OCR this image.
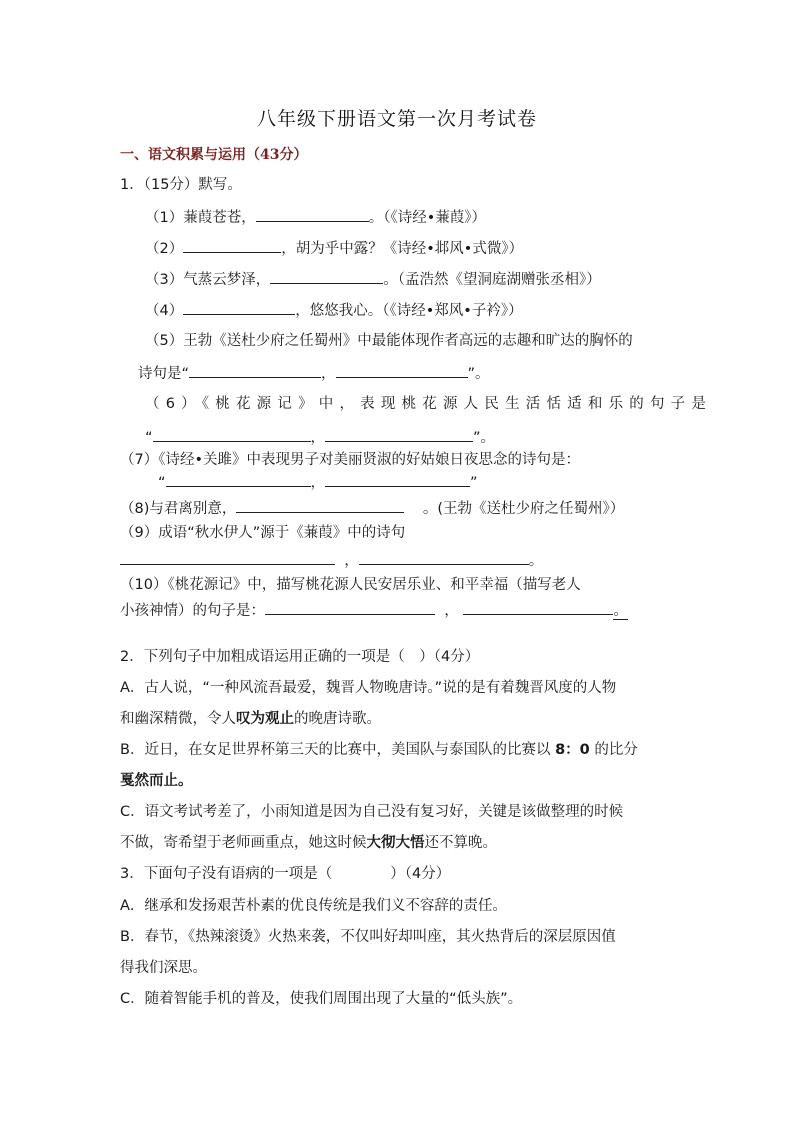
八年级下册语文第一次月考试卷
一、语文积累与运用（43分）
1．（15分）默写。
（1）蒹葭苍苍，	。（《诗经•蒹葭》）
（2）	，胡为乎中露？《诗经•邶风•式微》）
（3）气蒸云梦泽，	。（孟浩然《望洞庭湖赠张丞相》）
（4）	，悠悠我心。（《诗经•郑风•子衿》）
（5）王勃《送杜少府之任蜀州》中最能体现作者高远的志趣和旷达的胸怀的
诗句是“	，	”。
（6）《桃花源记》中，表现桃花源人民生活恬适和乐的句子是
“	，	”。
（7）《诗经•关雎》中表现男子对美丽贤淑的好姑娘日夜思念的诗句是：
“	，	”
（8)与君离别意，	。(王勃《送杜少府之任蜀州》）
（9）成语“秋水伊人”源于《蒹葭》中的诗句
，	。
（10）《桃花源记》中，描写桃花源人民安居乐业、和平幸福（描写老人
小孩神情）的句子是：	，	。
2．下列句子中加粗成语运用正确的一项是（　）（4分）
A．古人说，“一种风流吾最爱，魏晋人物晚唐诗。”说的是有着魏晋风度的人物
和幽深精微，令人叹为观止的晚唐诗歌。
B．近日，在女足世界杯第三天的比赛中，美国队与泰国队的比赛以 8：0 的比分
戛然而止。
C．语文考试考差了，小雨知道是因为自己没有复习好，关键是该做整理的时候
不做，寄希望于老师画重点，她这时候大彻大悟还不算晚。
3．下面句子没有语病的一项是（　　　　）（4分）
A．继承和发扬艰苦朴素的优良传统是我们义不容辞的责任。
B．春节，《热辣滚烫》火热来袭，不仅叫好却叫座，其火热背后的深层原因值
得我们深思。
C．随着智能手机的普及，使我们周围出现了大量的“低头族”。
